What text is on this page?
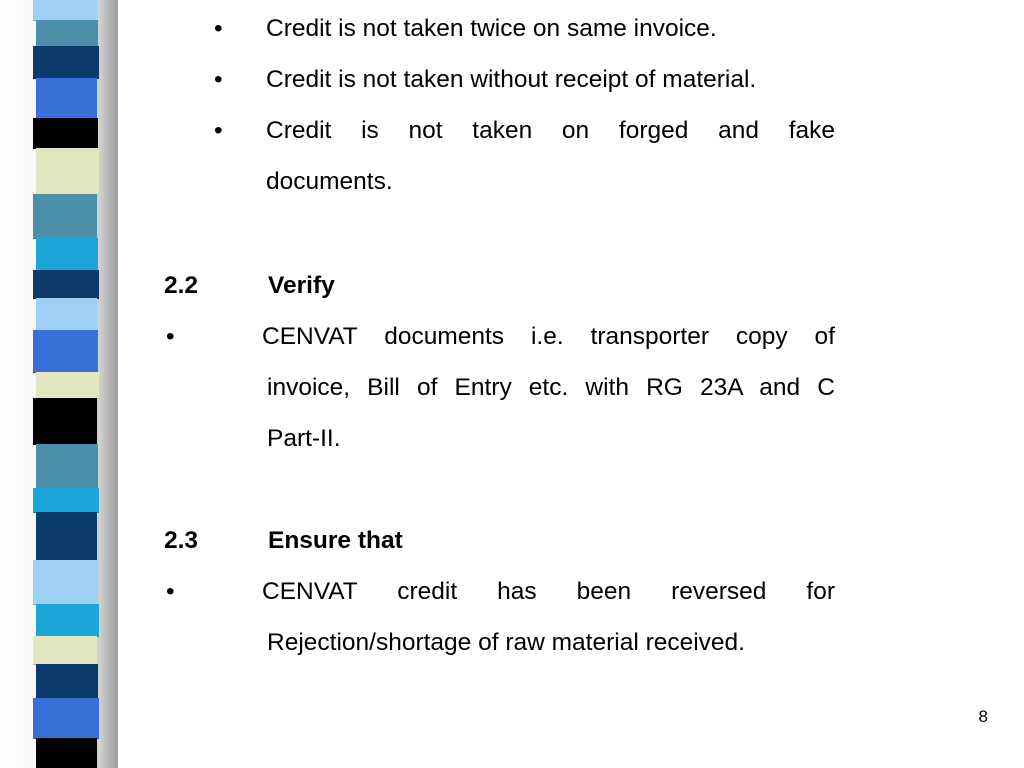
• Credit is not taken twice on same invoice.
• Credit is not taken without receipt of material.
• Credit is not taken on forged and fake
documents.
2.2	Verify
•	CENVAT documents i.e. transporter copy of
invoice, Bill of Entry etc. with RG 23A and C
Part-II.
2.3	Ensure that
•	CENVAT credit has been reversed for
Rejection/shortage of raw material received.
8
